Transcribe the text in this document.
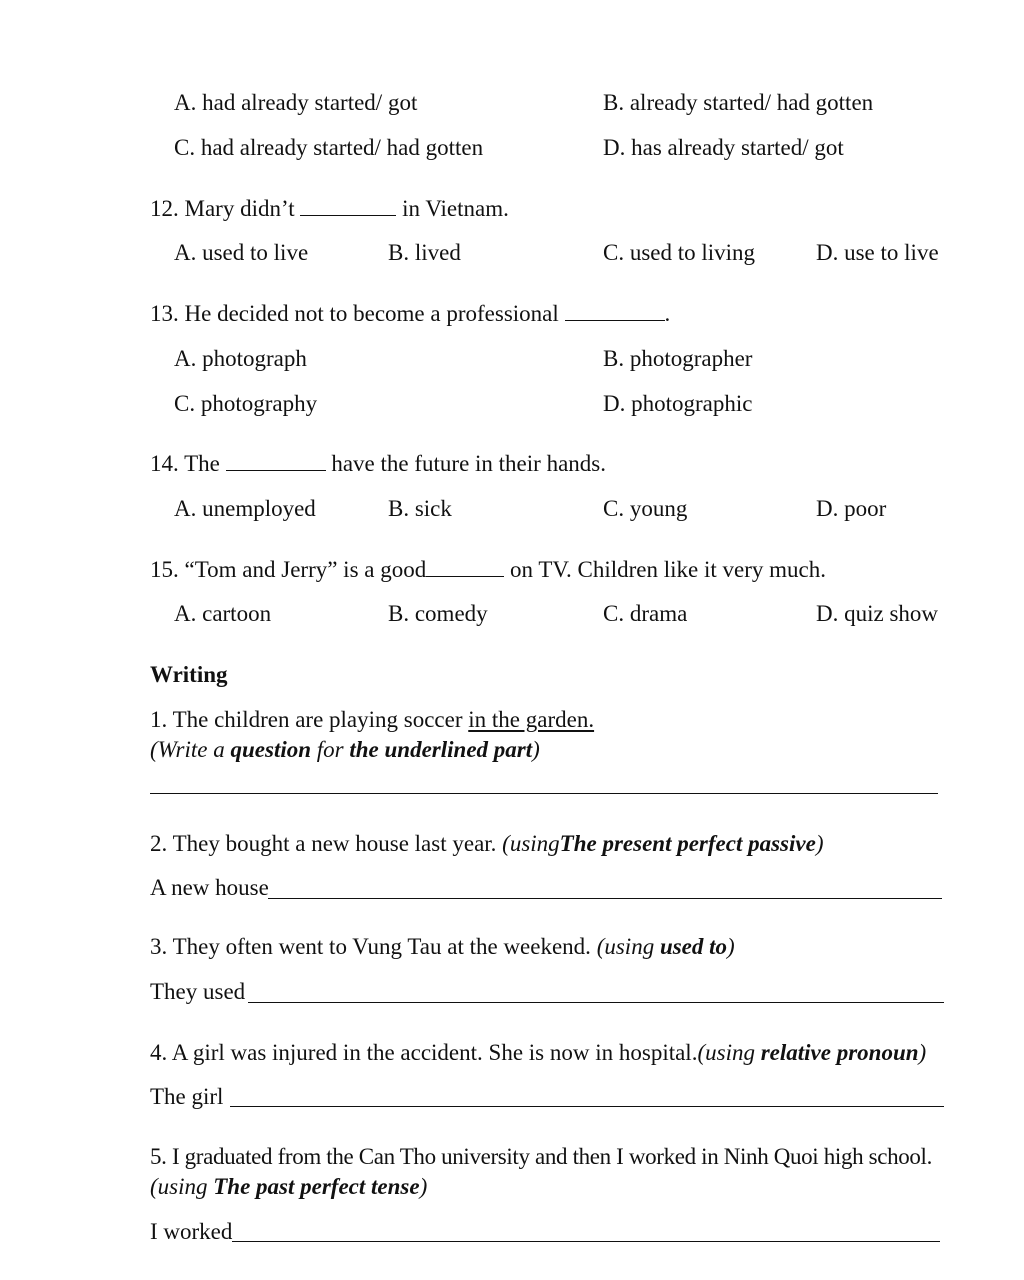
A. had already started/ got	B. already started/ had gotten
C. had already started/ had gotten	D. has already started/ got
12. Mary didn’t	in Vietnam.
A. used to live	B. lived	C. used to living	D. use to live
13. He decided not to become a professional	.
A. photograph	B. photographer
C. photography	D. photographic
14. The	have the future in their hands.
A. unemployed	B. sick	C. young	D. poor
15. “Tom and Jerry” is a good	on TV. Children like it very much.
A. cartoon	B. comedy	C. drama	D. quiz show
Writing
1. The children are playing soccer in the garden.
(Write a question for the underlined part)
2. They bought a new house last year. (usingThe present perfect passive)
A new house
3. They often went to Vung Tau at the weekend. (using used to)
They used
4. A girl was injured in the accident. She is now in hospital.(using relative pronoun)
The girl
5. I graduated from the Can Tho university and then I worked in Ninh Quoi high school.
(using The past perfect tense)
I worked
